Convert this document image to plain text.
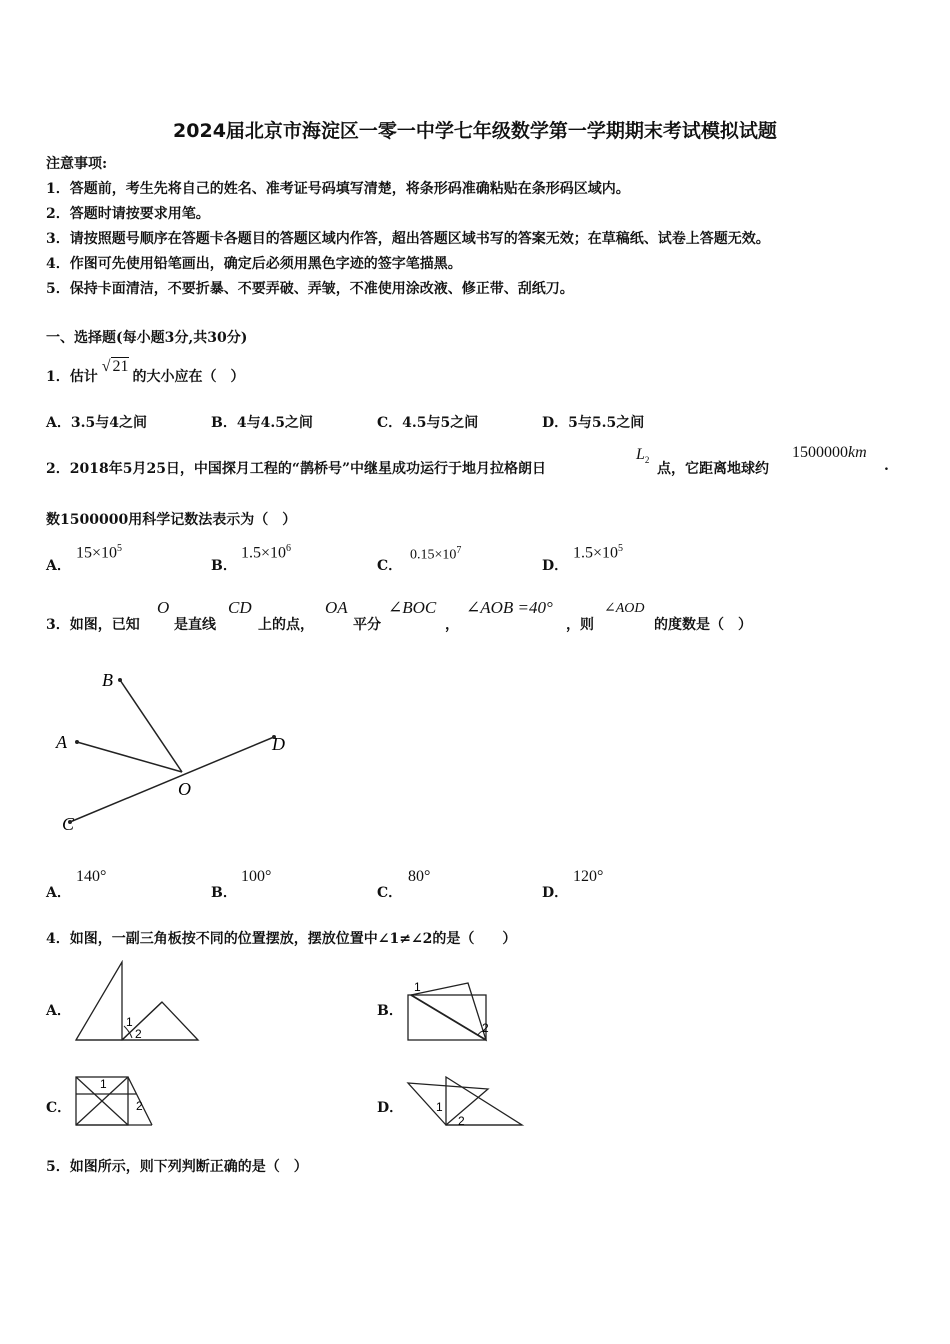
2024届北京市海淀区一零一中学七年级数学第一学期期末考试模拟试题
注意事项:
1．答题前，考生先将自己的姓名、准考证号码填写清楚，将条形码准确粘贴在条形码区域内。
2．答题时请按要求用笔。
3．请按照题号顺序在答题卡各题目的答题区域内作答，超出答题区域书写的答案无效；在草稿纸、试卷上答题无效。
4．作图可先使用铅笔画出，确定后必须用黑色字迹的签字笔描黑。
5．保持卡面清洁，不要折暴、不要弄破、弄皱，不准使用涂改液、修正带、刮纸刀。
一、选择题(每小题3分,共30分)
1．估计√ 21的大小应在（　）
A．3.5与4之间	B．4与4.5之间	C．4.5与5之间	D．5与5.5之间
2．2018年5月25日，中国探月工程的“鹊桥号”中继星成功运行于地月拉格朗日
$L_2$
点，它距离地球约
1500000km
.
数1500000用科学记数法表示为（　）
A．
$15\times 10^5$
B．
$1.5\times 10^6$
C．
$0.15\times 10^7$
D．
$1.5\times 10^5$
3．如图，已知
O
是直线
CD
上的点，
OA
平分
∠BOC
，
∠AOB =40°
，则
∠AOD
的度数是（　）
B
A	D
O
C
A．
140°
B．
100°
C．
80°
D．
120°
4．如图，一副三角板按不同的位置摆放，摆放位置中∠1≠∠2的是（　　）
A．
1
2
B．
1
2
C．
1
2	D．	1
2
5．如图所示，则下列判断正确的是（　）
